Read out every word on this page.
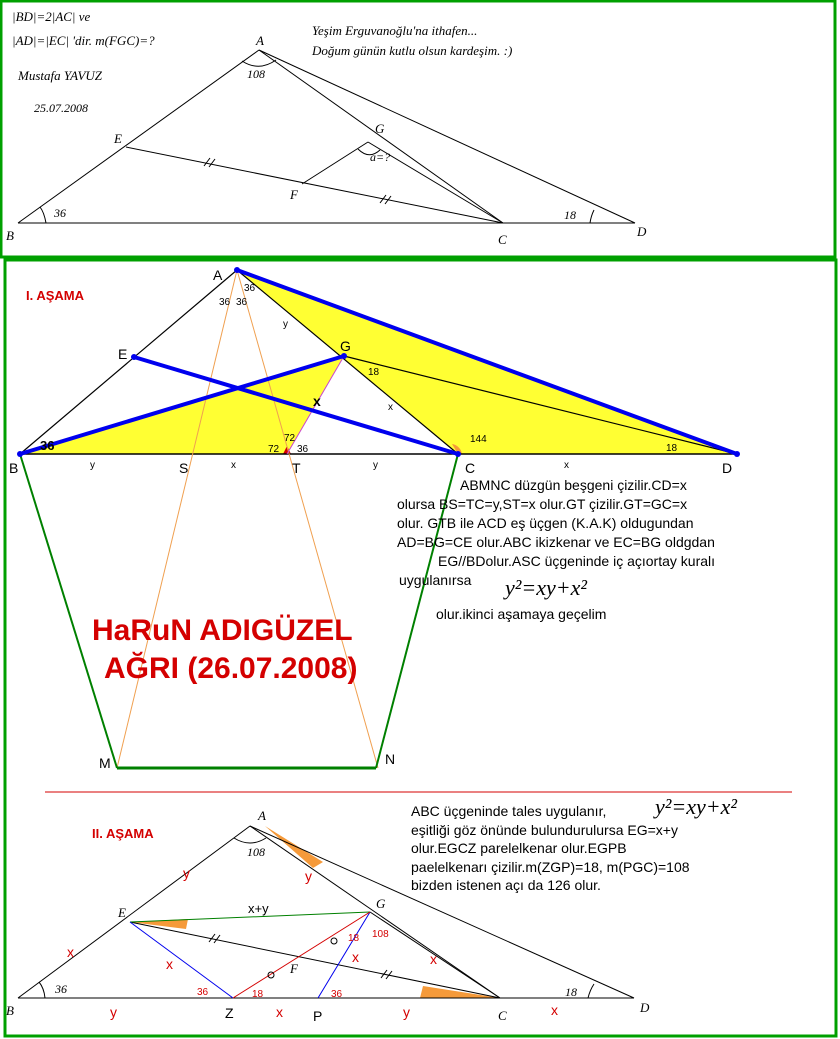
|BD|=2|AC| ve
|AD|=|EC| 'dir. m(FGC)=?
Mustafa YAVUZ
25.07.2008
Yeşim Erguvanoğlu'na ithafen...
Doğum günün kutlu olsun kardeşim. :)
A
B	C
D
E
F
G
108
36	18
a=?
I. AŞAMA
A
B	C	D
E	G
S	T
M	N
36
36 36
36
y
18
x
x
72
72 36
144
18
y	x	y	x
ABMNC düzgün beşgeni çizilir.CD=x
olursa BS=TC=y,ST=x olur.GT çizilir.GT=GC=x
olur. GTB ile ACD eş üçgen (K.A.K) oldugundan
AD=BG=CE olur.ABC ikizkenar ve EC=BG oldgdan
EG//BDolur.ASC üçgeninde iç açıortay kuralı
uygulanırsa
olur.ikinci aşamaya geçelim
y²=xy+x²
HaRuN ADIGÜZEL
AĞRI (26.07.2008)
II. AŞAMA
A
B	C
D
E
F
G
Z	P
108
36	18
y	y
x
x	x	x
y	x	y	x
x+y
18 108
36	18	36
ABC üçgeninde tales uygulanır, y²=xy+x²
eşitliği göz önünde bulundurulursa EG=x+y
olur.EGCZ parelelkenar olur.EGPB
paelelkenarı çizilir.m(ZGP)=18, m(PGC)=108
bizden istenen açı da 126 olur.
